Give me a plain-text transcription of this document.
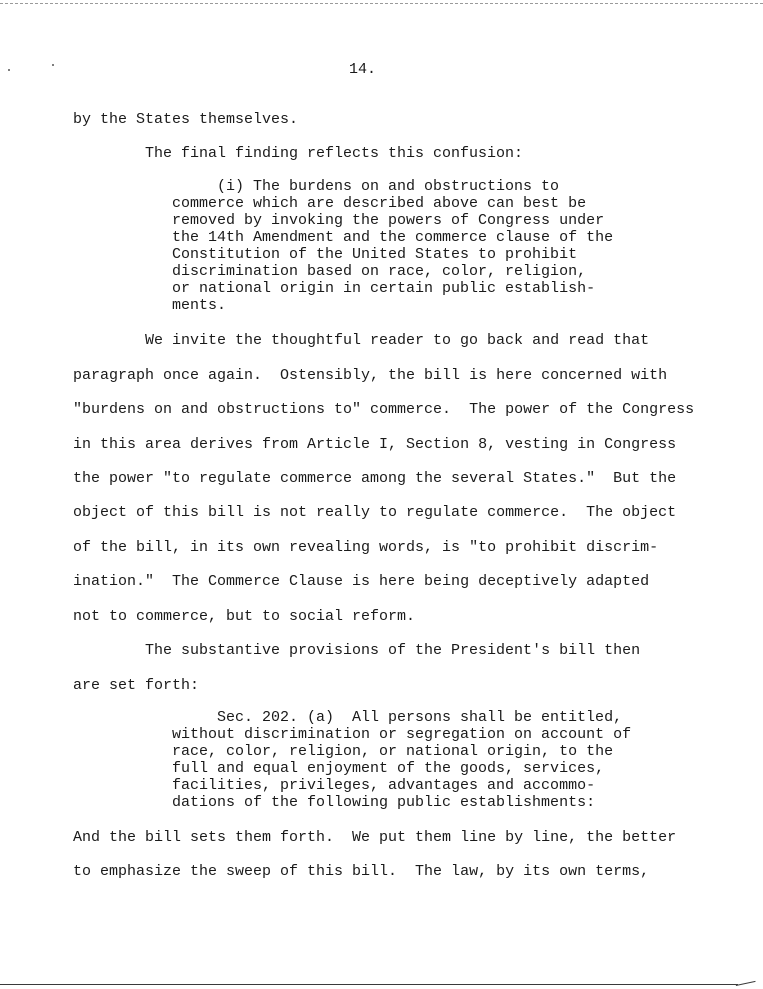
14.
by the States themselves.
The final finding reflects this confusion:
(i) The burdens on and obstructions to
commerce which are described above can best be
removed by invoking the powers of Congress under
the 14th Amendment and the commerce clause of the
Constitution of the United States to prohibit
discrimination based on race, color, religion,
or national origin in certain public establish-
ments.
We invite the thoughtful reader to go back and read that
paragraph once again.  Ostensibly, the bill is here concerned with
"burdens on and obstructions to" commerce.  The power of the Congress
in this area derives from Article I, Section 8, vesting in Congress
the power "to regulate commerce among the several States."  But the
object of this bill is not really to regulate commerce.  The object
of the bill, in its own revealing words, is "to prohibit discrim-
ination."  The Commerce Clause is here being deceptively adapted
not to commerce, but to social reform.
The substantive provisions of the President's bill then
are set forth:
Sec. 202. (a)  All persons shall be entitled,
without discrimination or segregation on account of
race, color, religion, or national origin, to the
full and equal enjoyment of the goods, services,
facilities, privileges, advantages and accommo-
dations of the following public establishments:
And the bill sets them forth.  We put them line by line, the better
to emphasize the sweep of this bill.  The law, by its own terms,
